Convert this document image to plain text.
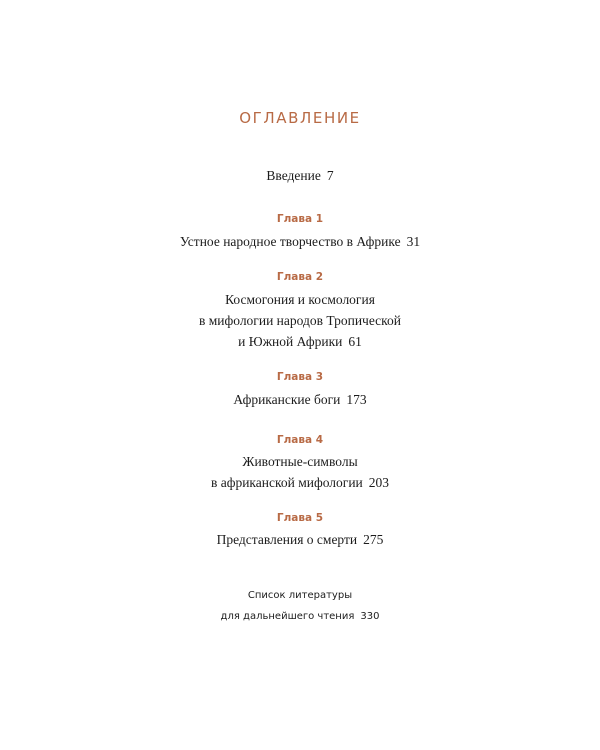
ОГЛАВЛЕНИЕ
Введение 7
Глава 1
Устное народное творчество в Африке 31
Глава 2
Космогония и космология
в мифологии народов Тропической
и Южной Африки 61
Глава 3
Африканские боги 173
Глава 4
Животные-символы
в африканской мифологии 203
Глава 5
Представления о смерти 275
Список литературы
для дальнейшего чтения 330
